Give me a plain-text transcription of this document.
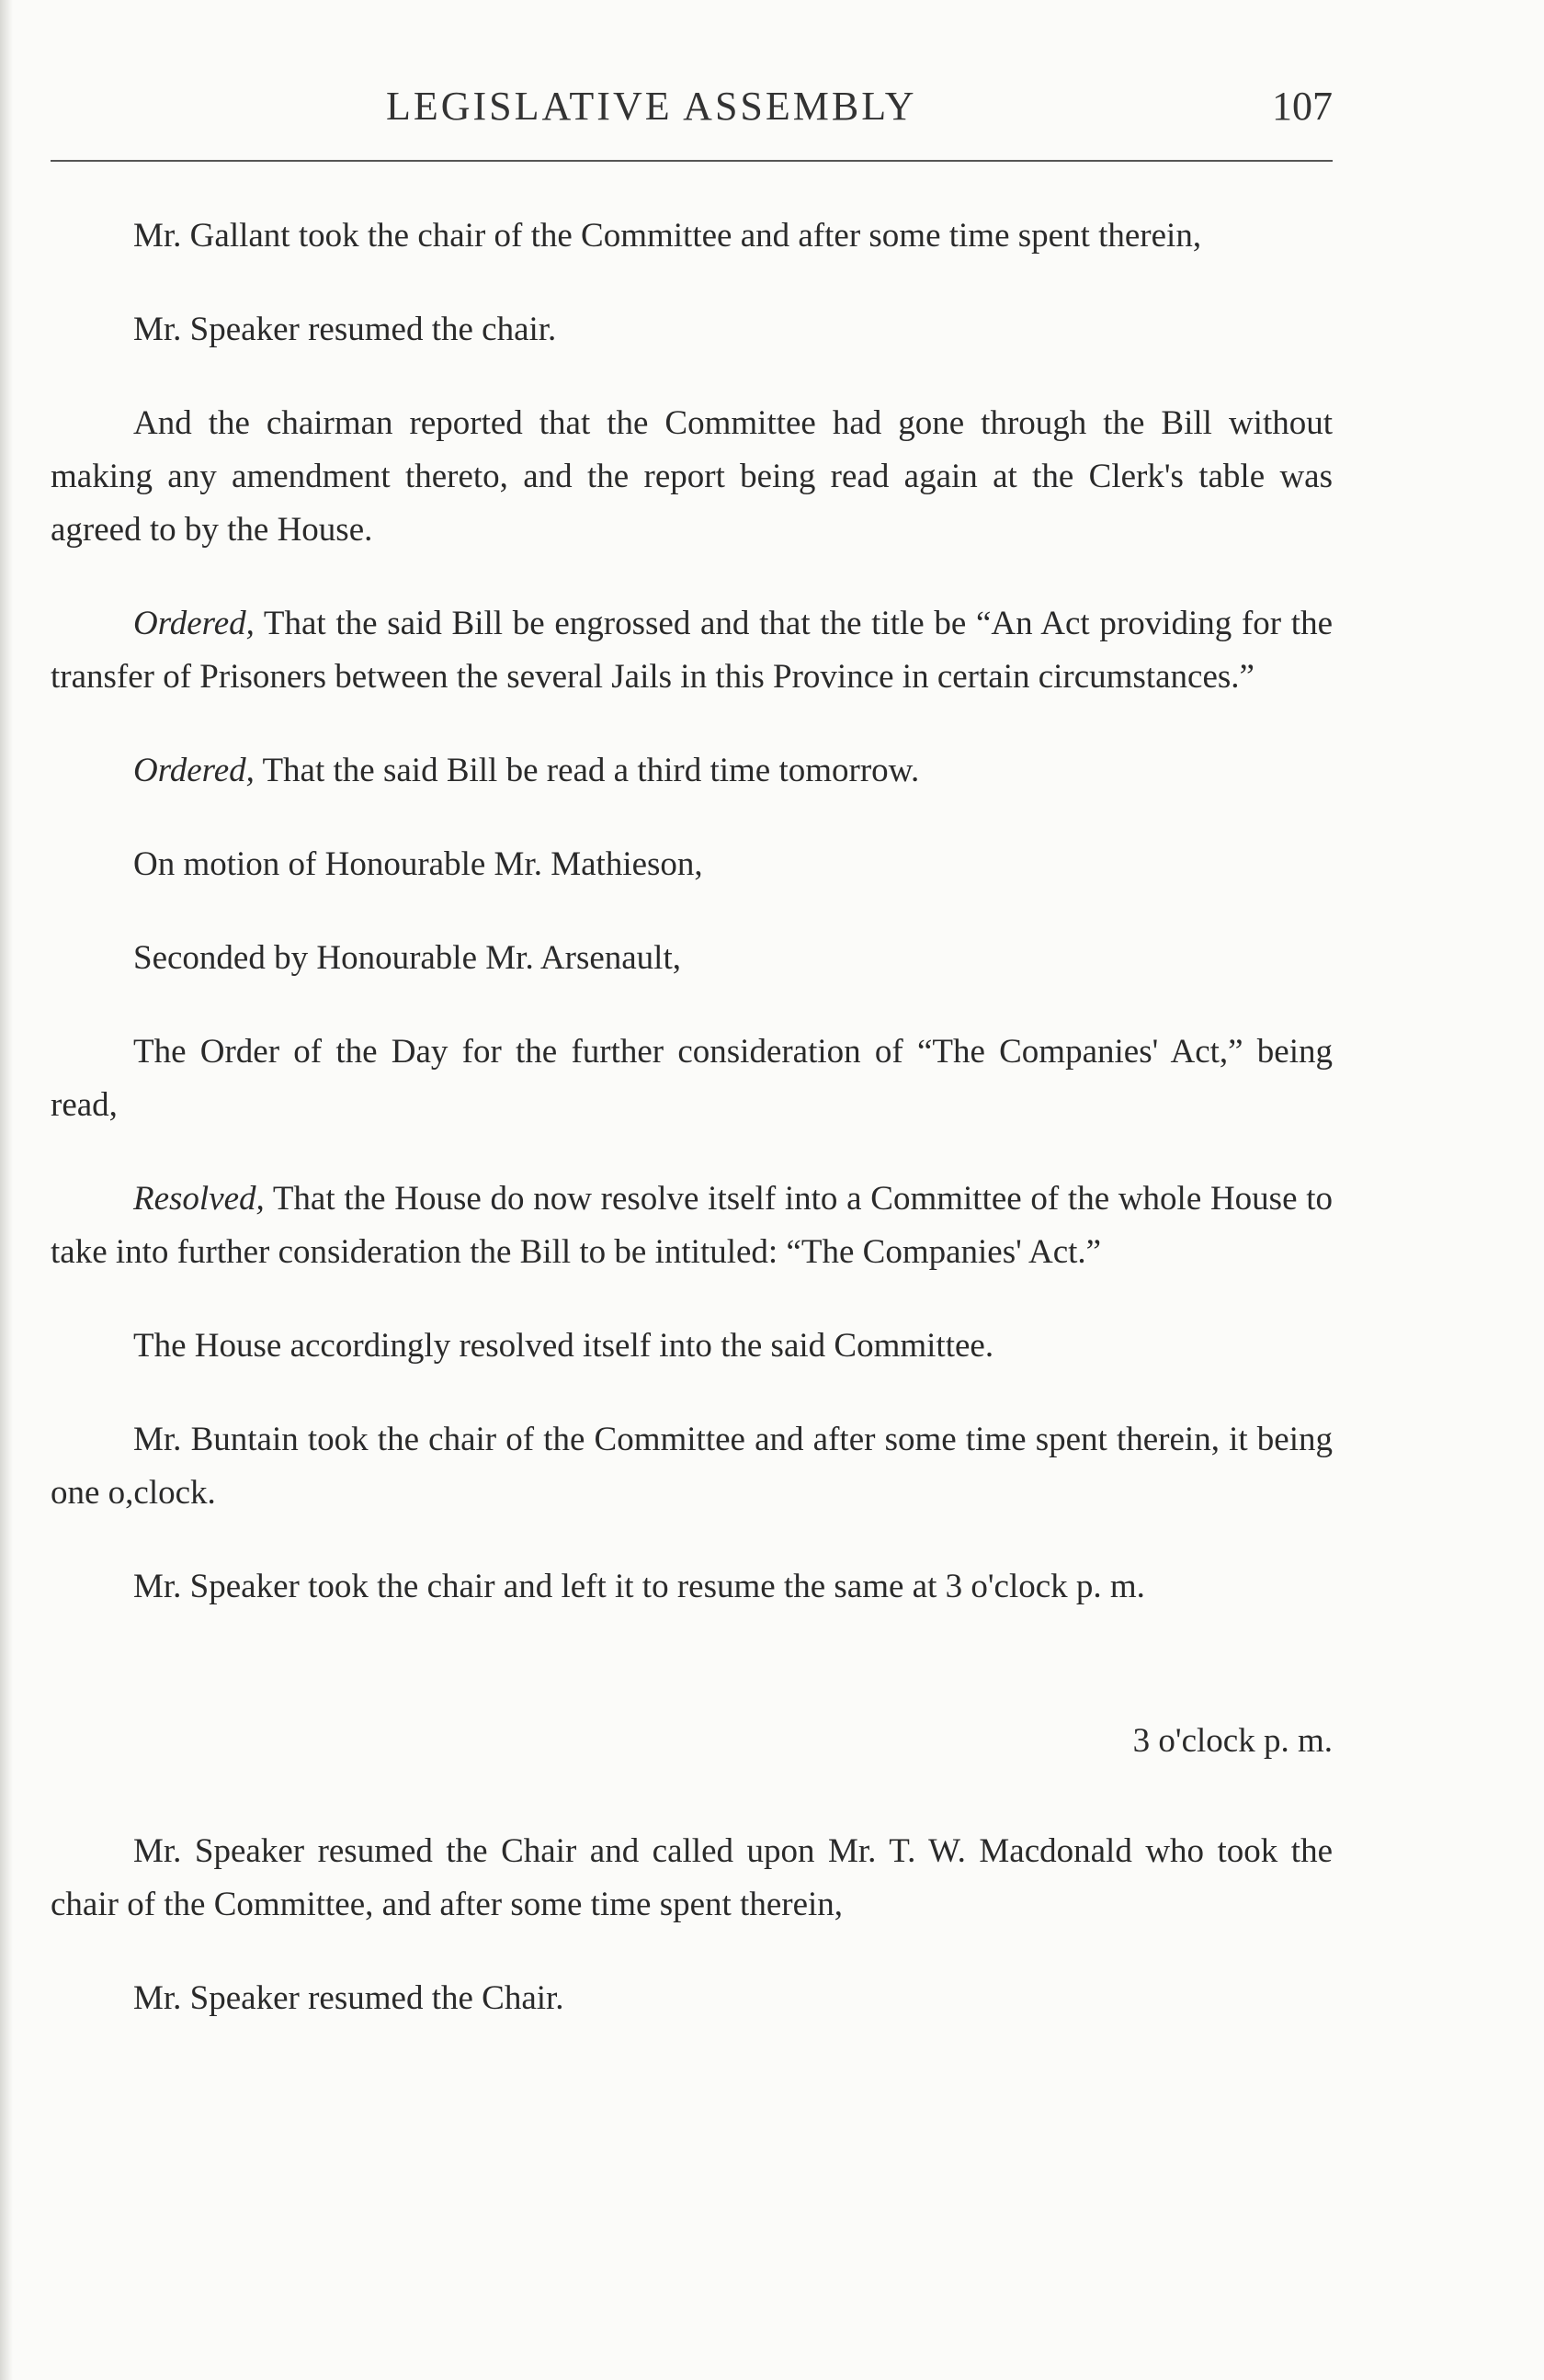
LEGISLATIVE ASSEMBLY	107

Mr. Gallant took the chair of the Committee and after some time spent therein,

Mr. Speaker resumed the chair.

And the chairman reported that the Committee had gone through the Bill without making any amendment thereto, and the report being read again at the Clerk's table was agreed to by the House.

Ordered, That the said Bill be engrossed and that the title be “An Act providing for the transfer of Prisoners between the several Jails in this Province in certain circumstances.”

Ordered, That the said Bill be read a third time tomorrow.

On motion of Honourable Mr. Mathieson,

Seconded by Honourable Mr. Arsenault,

The Order of the Day for the further consideration of “The Companies' Act,” being read,

Resolved, That the House do now resolve itself into a Committee of the whole House to take into further consideration the Bill to be intituled: “The Companies' Act.”

The House accordingly resolved itself into the said Committee.

Mr. Buntain took the chair of the Committee and after some time spent therein, it being one o,clock.

Mr. Speaker took the chair and left it to resume the same at 3 o'clock p. m.

3 o'clock p. m.

Mr. Speaker resumed the Chair and called upon Mr. T. W. Macdonald who took the chair of the Committee, and after some time spent therein,

Mr. Speaker resumed the Chair.
